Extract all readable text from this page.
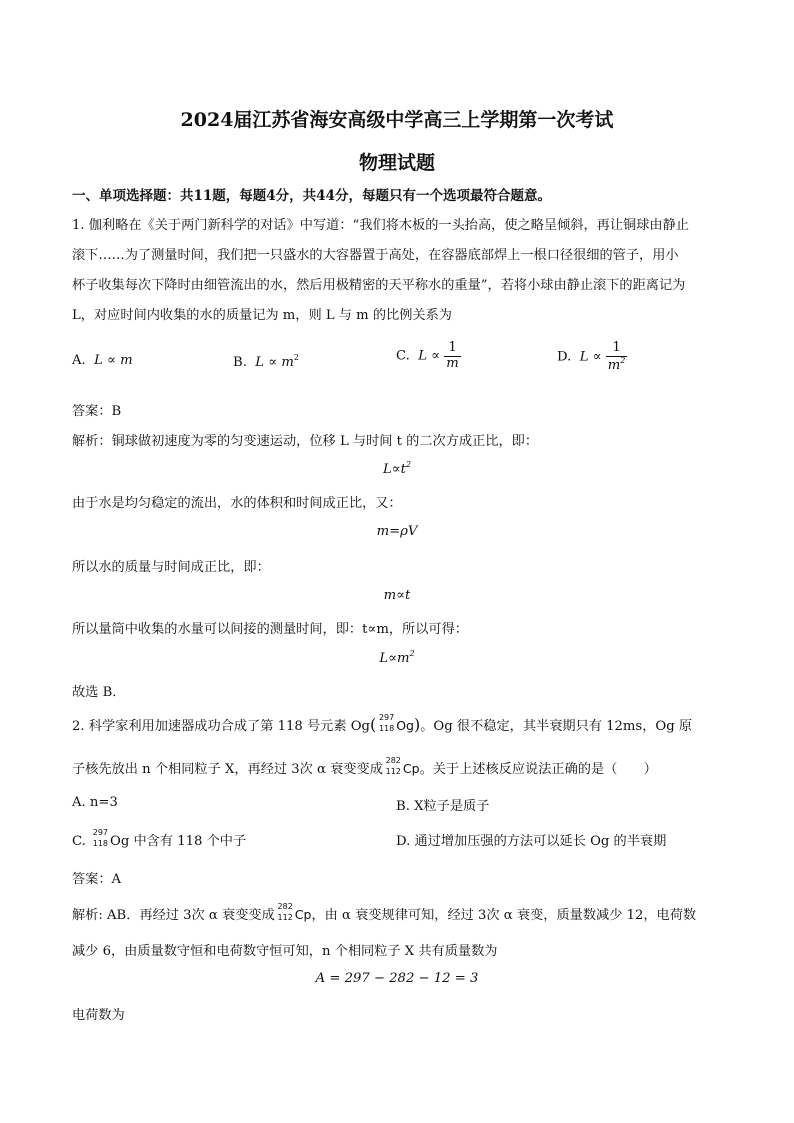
2024届江苏省海安高级中学高三上学期第一次考试
物理试题
一、单项选择题：共11题，每题4分，共44分，每题只有一个选项最符合题意。
1. 伽利略在《关于两门新科学的对话》中写道：“我们将木板的一头抬高，使之略呈倾斜，再让铜球由静止
滚下……为了测量时间，我们把一只盛水的大容器置于高处，在容器底部焊上一根口径很细的管子，用小
杯子收集每次下降时由细管流出的水，然后用极精密的天平称水的重量”，若将小球由静止滚下的距离记为
L，对应时间内收集的水的质量记为 m，则 L 与 m 的比例关系为
A. L ∝ m	B. $L \propto m^2$	C. $L \propto \frac{1}{m}$	D. $L \propto \frac{1}{m^2}$
答案：B
解析：铜球做初速度为零的匀变速运动，位移 L 与时间 t 的二次方成正比，即：
$L\propto t^2$
由于水是均匀稳定的流出，水的体积和时间成正比，又：
m=ρV
所以水的质量与时间成正比，即：
m∝t
所以量筒中收集的水量可以间接的测量时间，即：t∝m，所以可得：
$L\propto m^2$
故选 B．
2. 科学家利用加速器成功合成了第 118 号元素 Og( 297
118 Og)。Og 很不稳定，其半衰期只有 12ms，Og 原
子核先放出 n 个相同粒子 X，再经过 3次 α 衰变变成
282
112 Cp。关于上述核反应说法正确的是（　　）
A. n=3	B. X粒子是质子
C.
297
118 Og 中含有 118 个中子	D. 通过增加压强的方法可以延长 Og 的半衰期
答案：A
解析: AB．再经过 3次 α 衰变变成
282
112 Cp，由 α 衰变规律可知，经过 3次 α 衰变，质量数减少 12，电荷数
减少 6，由质量数守恒和电荷数守恒可知，n 个相同粒子 X 共有质量数为
A = 297 − 282 − 12 = 3
电荷数为
